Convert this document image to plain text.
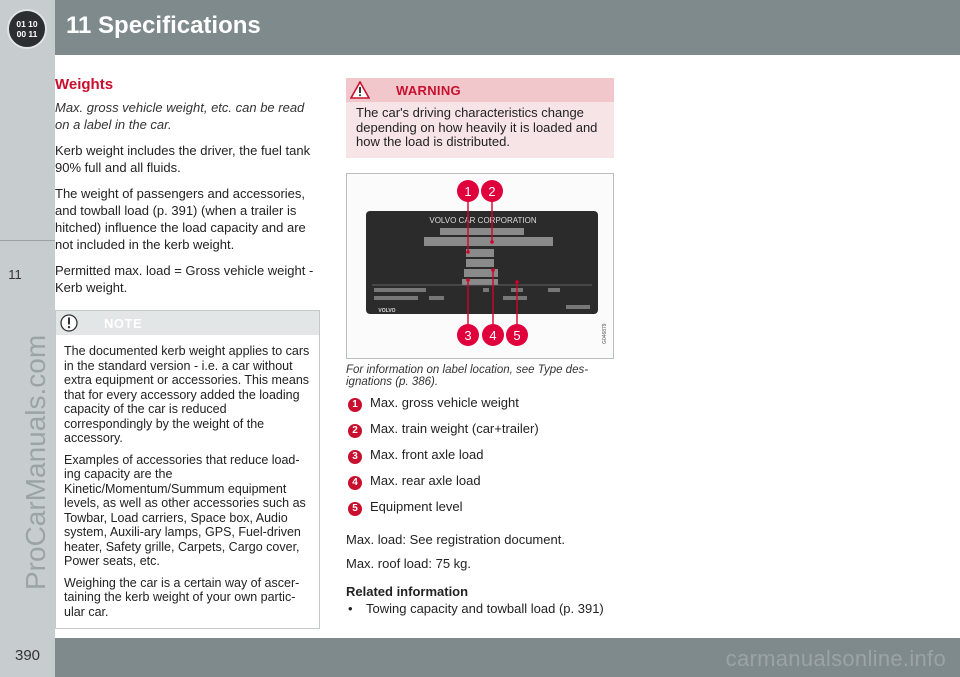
01 10
00 11 11 Specifications
11
ProCarManuals.com
390	carmanualsonline.info
Weights
Max. gross vehicle weight, etc. can be read on a label in the car.
Kerb weight includes the driver, the fuel tank 90% full and all fluids.
The weight of passengers and accessories, and towball load (p. 391) (when a trailer is hitched) influence the load capacity and are not included in the kerb weight.
Permitted max. load = Gross vehicle weight - Kerb weight.
NOTE

The documented kerb weight applies to cars in the standard version - i.e. a car without extra equipment or accessories. This means that for every accessory added the loading capacity of the car is reduced correspondingly by the weight of the accessory.

Examples of accessories that reduce load-ing capacity are the Kinetic/Momentum/Summum equipment levels, as well as other accessories such as Towbar, Load carriers, Space box, Audio system, Auxili-ary lamps, GPS, Fuel-driven heater, Safety grille, Carpets, Cargo cover, Power seats, etc.

Weighing the car is a certain way of ascer-taining the kerb weight of your own partic-ular car.

WARNING
The car's driving characteristics change depending on how heavily it is loaded and how the load is distributed.
VOLVO CAR CORPORATION
VOLVO
1 2
3 4 5	G046879
For information on label location, see Type des-ignations (p. 386).
1 Max. gross vehicle weight
2 Max. train weight (car+trailer)
3 Max. front axle load
4 Max. rear axle load
5 Equipment level
Max. load: See registration document.
Max. roof load: 75 kg.
Related information
• Towing capacity and towball load (p. 391)
